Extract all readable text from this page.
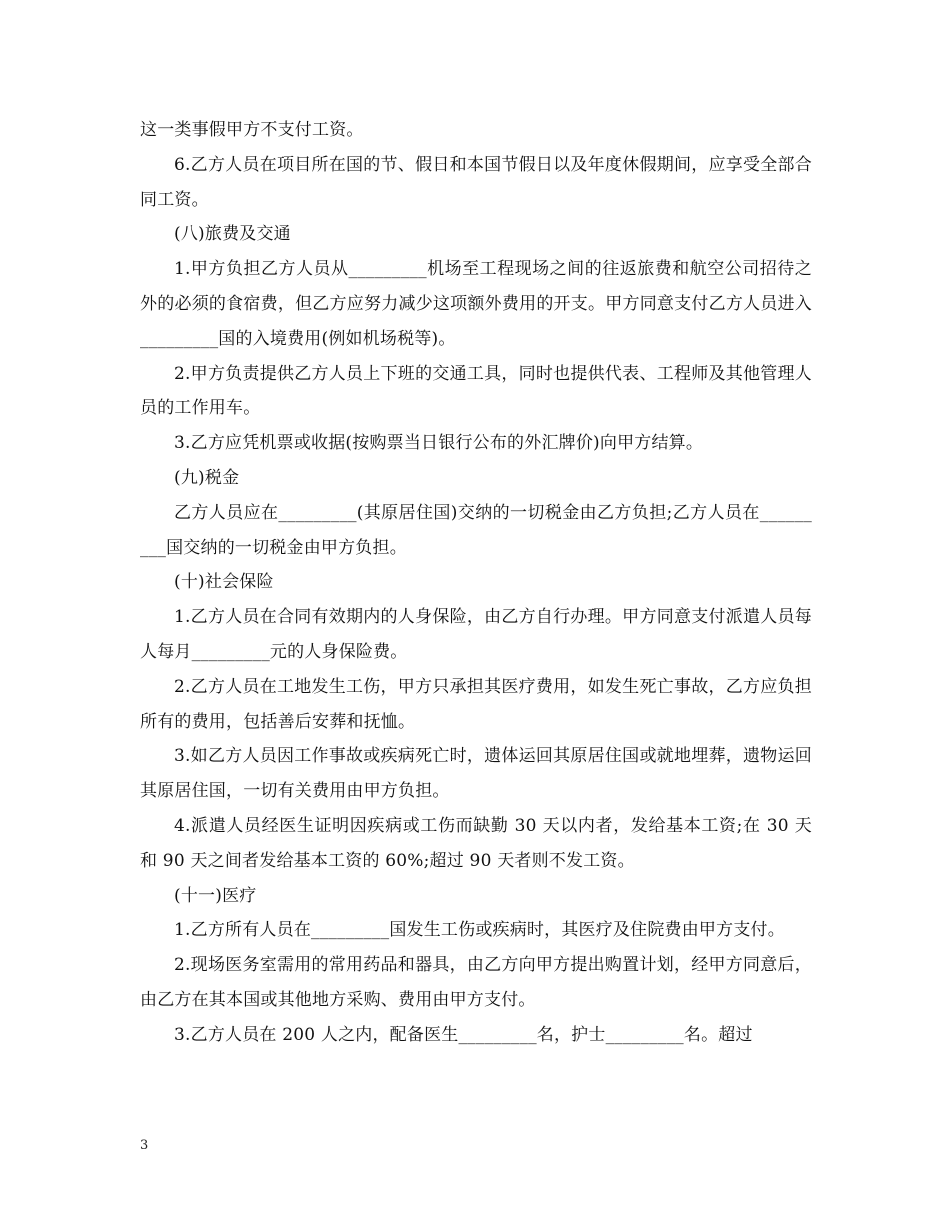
这一类事假甲方不支付工资。

6.乙方人员在项目所在国的节、假日和本国节假日以及年度休假期间，应享受全部合同工资。

(八)旅费及交通

1.甲方负担乙方人员从_________机场至工程现场之间的往返旅费和航空公司招待之外的必须的食宿费，但乙方应努力减少这项额外费用的开支。甲方同意支付乙方人员进入_________国的入境费用(例如机场税等)。

2.甲方负责提供乙方人员上下班的交通工具，同时也提供代表、工程师及其他管理人员的工作用车。

3.乙方应凭机票或收据(按购票当日银行公布的外汇牌价)向甲方结算。

(九)税金

乙方人员应在_________(其原居住国)交纳的一切税金由乙方负担;乙方人员在_________国交纳的一切税金由甲方负担。

(十)社会保险

1.乙方人员在合同有效期内的人身保险，由乙方自行办理。甲方同意支付派遣人员每人每月_________元的人身保险费。

2.乙方人员在工地发生工伤，甲方只承担其医疗费用，如发生死亡事故，乙方应负担所有的费用，包括善后安葬和抚恤。

3.如乙方人员因工作事故或疾病死亡时，遗体运回其原居住国或就地埋葬，遗物运回其原居住国，一切有关费用由甲方负担。

4.派遣人员经医生证明因疾病或工伤而缺勤 30 天以内者，发给基本工资;在 30 天和 90 天之间者发给基本工资的 60%;超过 90 天者则不发工资。

(十一)医疗

1.乙方所有人员在_________国发生工伤或疾病时，其医疗及住院费由甲方支付。

2.现场医务室需用的常用药品和器具，由乙方向甲方提出购置计划，经甲方同意后，由乙方在其本国或其他地方采购、费用由甲方支付。

3.乙方人员在 200 人之内，配备医生_________名，护士_________名。超过

3
